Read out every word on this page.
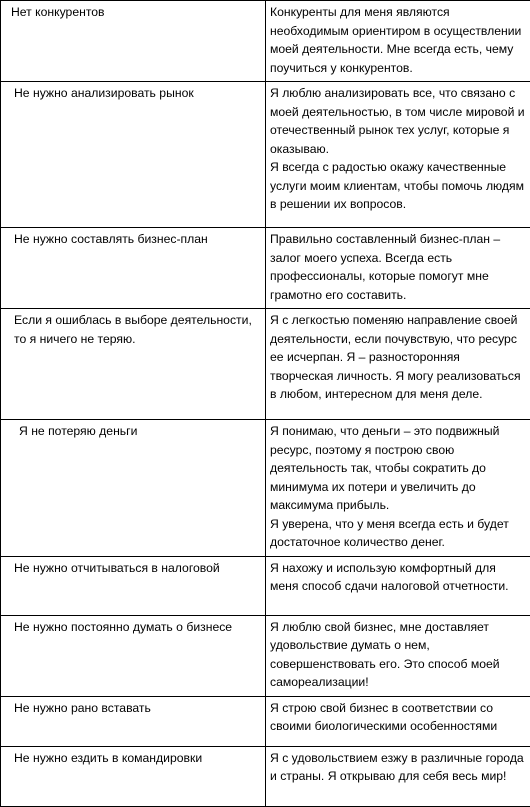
Нет конкурентов	Конкуренты для меня являются необходимым ориентиром в осуществлении моей деятельности. Мне всегда есть, чему поучиться у конкурентов.

Не нужно анализировать рынок	Я люблю анализировать все, что связано с моей деятельностью, в том числе мировой и отечественный рынок тех услуг, которые я оказываю.
Я всегда с радостью окажу качественные услуги моим клиентам, чтобы помочь людям в решении их вопросов.

Не нужно составлять бизнес-план	Правильно составленный бизнес-план – залог моего успеха. Всегда есть профессионалы, которые помогут мне грамотно его составить.

Если я ошиблась в выборе деятельности, то я ничего не теряю.	Я с легкостью поменяю направление своей деятельности, если почувствую, что ресурс ее исчерпан. Я – разносторонняя творческая личность. Я могу реализоваться в любом, интересном для меня деле.

Я не потеряю деньги	Я понимаю, что деньги – это подвижный ресурс, поэтому я построю свою деятельность так, чтобы сократить до минимума их потери и увеличить до максимума прибыль.
Я уверена, что у меня всегда есть и будет достаточное количество денег.

Не нужно отчитываться в налоговой	Я нахожу и использую комфортный для меня способ сдачи налоговой отчетности.

Не нужно постоянно думать о бизнесе	Я люблю свой бизнес, мне доставляет удовольствие думать о нем, совершенствовать его. Это способ моей самореализации!

Не нужно рано вставать	Я строю свой бизнес в соответствии со своими биологическими особенностями

Не нужно ездить в командировки	Я с удовольствием езжу в различные города и страны. Я открываю для себя весь мир!
